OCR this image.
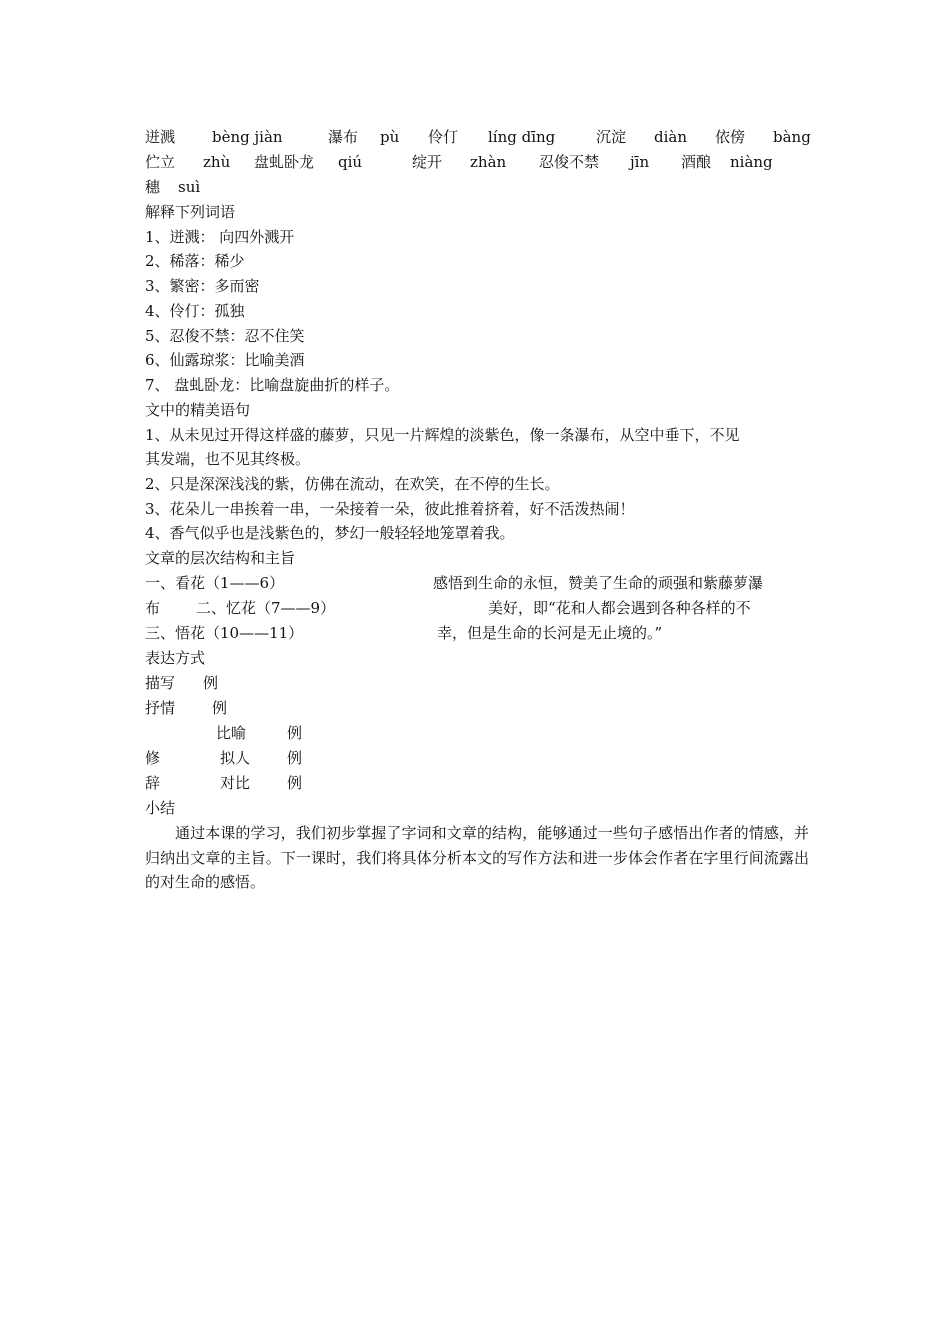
迸溅 bèng jiàn	瀑布 pù 伶仃 líng dīng	沉淀 diàn 依傍 bàng
伫立 zhù 盘虬卧龙 qiú	绽开 zhàn 忍俊不禁 jīn 酒酿 niàng
穗 suì
解释下列词语
1、迸溅： 向四外溅开
2、稀落：稀少
3、繁密：多而密
4、伶仃：孤独
5、忍俊不禁：忍不住笑
6、仙露琼浆：比喻美酒
7、 盘虬卧龙：比喻盘旋曲折的样子。
文中的精美语句
1、从未见过开得这样盛的藤萝，只见一片辉煌的淡紫色，像一条瀑布，从空中垂下，不见
其发端，也不见其终极。
2、只是深深浅浅的紫，仿佛在流动，在欢笑，在不停的生长。
3、花朵儿一串挨着一串，一朵接着一朵，彼此推着挤着，好不活泼热闹！
4、香气似乎也是浅紫色的，梦幻一般轻轻地笼罩着我。
文章的层次结构和主旨
一、看花（1——6）	感悟到生命的永恒，赞美了生命的顽强和紫藤萝瀑
布 二、忆花（7——9）	美好，即“花和人都会遇到各种各样的不
三、悟花（10——11）	幸，但是生命的长河是无止境的。”
表达方式
描写 例
抒情 例
比喻	例
修	拟人 例
辞	对比 例
小结
通过本课的学习，我们初步掌握了字词和文章的结构，能够通过一些句子感悟出作者的情感，并归纳出文章的主旨。下一课时，我们将具体分析本文的写作方法和进一步体会作者在字里行间流露出的对生命的感悟。
